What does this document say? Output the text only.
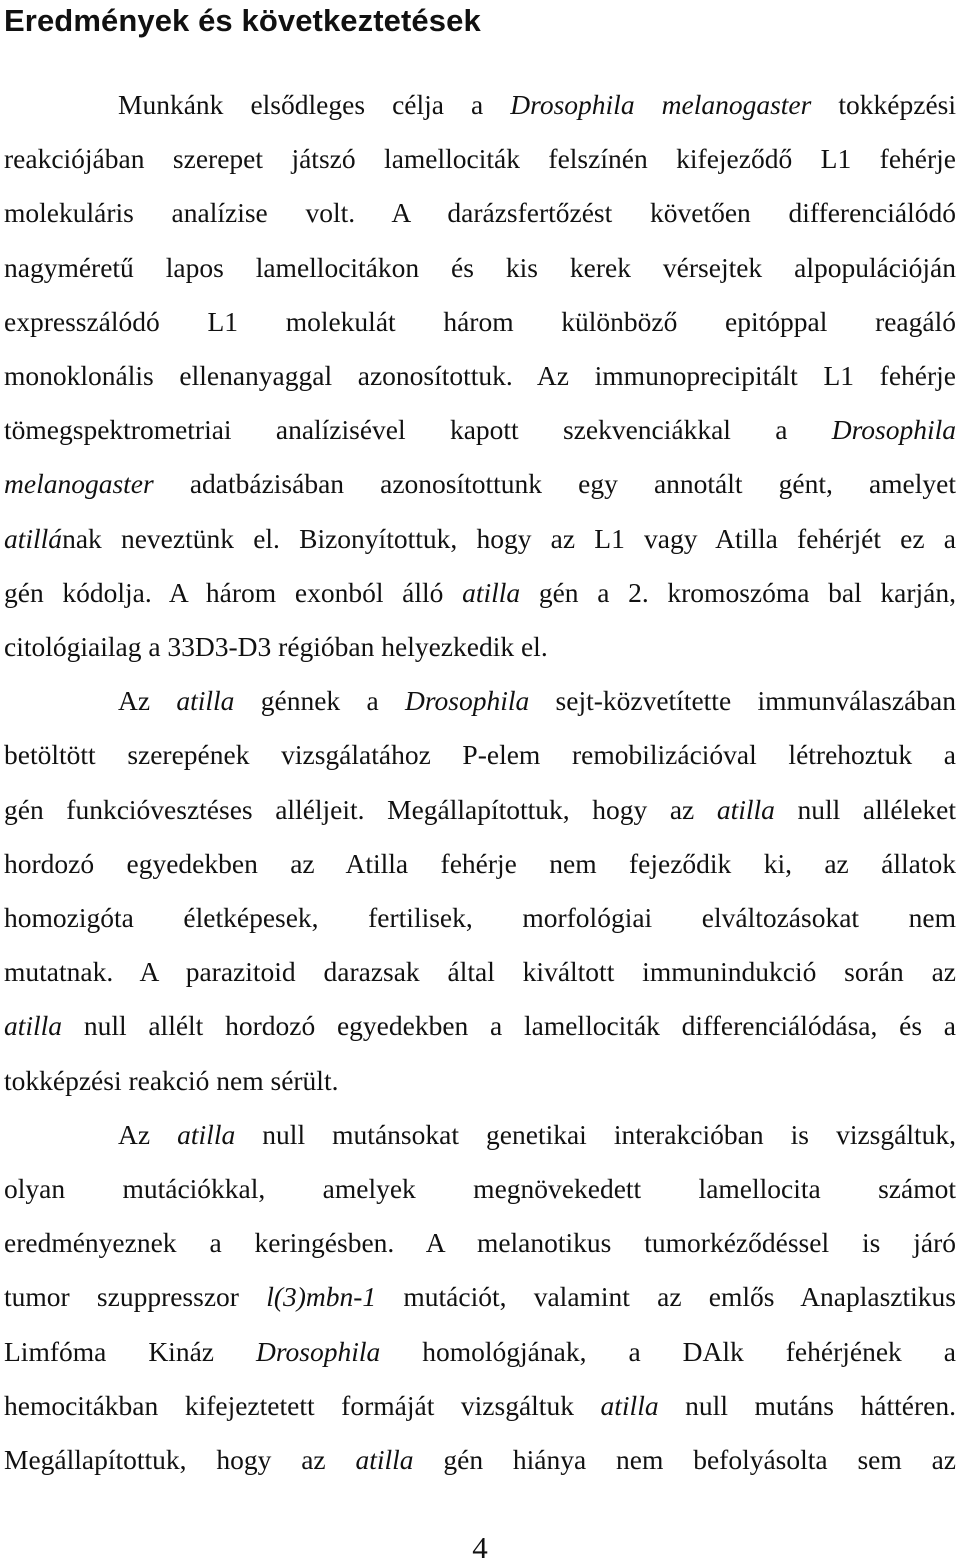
Eredmények és következtetések
Munkánk elsődleges célja a Drosophila melanogaster tokképzési
reakciójában szerepet játszó lamellociták felszínén kifejeződő L1 fehérje
molekuláris analízise volt. A darázsfertőzést követően differenciálódó
nagyméretű lapos lamellocitákon és kis kerek vérsejtek alpopulációján
expresszálódó L1 molekulát három különböző epitóppal reagáló
monoklonális ellenanyaggal azonosítottuk. Az immunoprecipitált L1 fehérje
tömegspektrometriai analízisével kapott szekvenciákkal a Drosophila
melanogaster adatbázisában azonosítottunk egy annotált gént, amelyet
atillának neveztünk el. Bizonyítottuk, hogy az L1 vagy Atilla fehérjét ez a
gén kódolja. A három exonból álló atilla gén a 2. kromoszóma bal karján,
citológiailag a 33D3-D3 régióban helyezkedik el.
Az atilla génnek a Drosophila sejt-közvetítette immunválaszában
betöltött szerepének vizsgálatához P-elem remobilizációval létrehoztuk a
gén funkcióvesztéses alléljeit. Megállapítottuk, hogy az atilla null alléleket
hordozó egyedekben az Atilla fehérje nem fejeződik ki, az állatok
homozigóta életképesek, fertilisek, morfológiai elváltozásokat nem
mutatnak. A parazitoid darazsak által kiváltott immunindukció során az
atilla null allélt hordozó egyedekben a lamellociták differenciálódása, és a
tokképzési reakció nem sérült.
Az atilla null mutánsokat genetikai interakcióban is vizsgáltuk,
olyan mutációkkal, amelyek megnövekedett lamellocita számot
eredményeznek a keringésben. A melanotikus tumorkéződéssel is járó
tumor szuppresszor l(3)mbn-1 mutációt, valamint az emlős Anaplasztikus
Limfóma Kináz Drosophila homológjának, a DAlk fehérjének a
hemocitákban kifejeztetett formáját vizsgáltuk atilla null mutáns háttéren.
Megállapítottuk, hogy az atilla gén hiánya nem befolyásolta sem az
4
